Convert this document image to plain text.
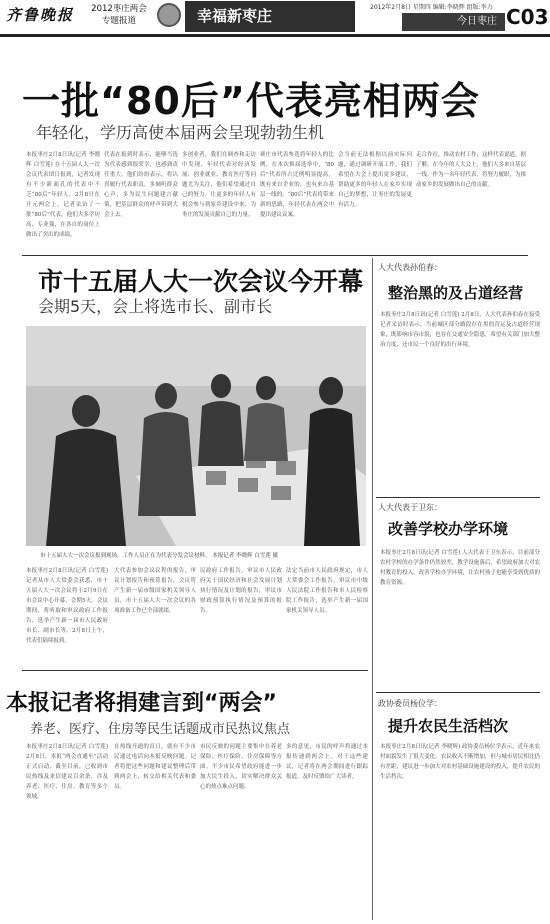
齐鲁晚报	2012枣庄两会
专题报道	幸福新枣庄	2012年2月8日 星期四 编辑:李晓辉 组版:李力
今日枣庄 C03
一批“80后”代表亮相两会
年轻化，学历高使本届两会呈现勃勃生机
本报枣庄2月8日讯(记者 李晓辉 白雪莲) 在十五届人大一次会议代表团日报到，记者发现有不少新面孔的代表中不乏“80后”年轻人。2月8日在开元两会上，记者采访了一批“80后”代表，他们大多学历高、专业强，在各自的岗位上做出了突出的成绩。
代表在报到时表示，能够当选为代表感到很荣幸，也感到责任重大。他们纷纷表示，将认真履行代表职责，多倾听群众心声，多为民生问题建言献策，把基层群众的呼声带到大会上去。
多创业者，我们在调查和走访中发现，年轻代表对经济发展、创业就业、教育医疗等问题尤为关注，他们希望通过自己的努力，让更多的年轻人有机会参与到家乡建设中来，为枣庄的发展贡献自己的力量。
赛庄市代表参选将年轻人的比例，在本次换届选举中，“80后”代表所占比例明显提高，既有来自企业的，也有来自基层一线的。“80后”代表将带来新的思路，年轻代表在两会中提出建议议案。
会当前无法根据以前实际问题，通过调研开展工作，我们希望在大会上提出更多建议，帮助更多的年轻人在家乡实现自己的梦想，让枣庄的发展更有活力。
走合作社，推动农村工作，这样代表说道。据了解，在今年的人大会上，他们大多来自基层一线。作为一名年轻代表，将努力履职，为推动家乡的发展做出自己的贡献。
市十五届人大一次会议今开幕
会期5天，会上将选市长、副市长
市十五届人大一次会议报到现场，工作人员正在为代表分发会议材料。 本报记者 李晓辉 白雪莲 摄
本报枣庄2月8日讯(记者 白雪莲) 记者从市人大常委会获悉，市十五届人大一次会议将于2月9日在市会议中心开幕，会期5天。会议期间，将听取和审议政府工作报告，选举产生新一届市人民政府市长、副市长等。2月8日上午，代表们陆续报到。
大代表参加会议议程的报告，审议计划报告和预算报告，会议将产生新一届市级国家机关领导人员，市十五届人大一次会议的各项准备工作已全部就绪。
民政府工作报告，审议市人民政府关于国民经济和社会发展计划执行情况及计划的报告，审议市财政预算执行情况及预算的报告。
法定当前市人民政府规定，市人大常委会工作报告，审议市中级人民法院工作报告和市人民检察院工作报告，选举产生新一届国家机关领导人员。
本报记者将捐建言到“两会”
养老、医疗、住房等民生话题成市民热议焦点
本报枣庄2月8日讯(记者 白雪莲) 2月8日，本报“两会直通车”活动正式启动，截至目前，已收到市民热线及来信建议百余条，涉及养老、医疗、住房、教育等多个领域。
在热线开通的首日，就有不少市民通过电话向本报反映问题。记者将把这些问题和建议整理后带到两会上，转交给相关代表和委员。
市民反映的问题主要集中在养老保险、医疗保险、住房保障等方面。不少市民希望政府能进一步加大民生投入，切实解决群众关心的热点难点问题。
多的意见，市民的呼声将通过本报传递到两会上。对于这些建议，记者将在两会期间进行跟踪报道，及时反馈给广大读者。
人大代表孙伯春：
整治黑的及占道经营
本报枣庄2月8日讯(记者 白雪莲) 2月8日，人大代表孙伯春在接受记者采访时表示，当前城区部分路段存在黑的营运及占道经营现象，既影响市容市貌，也存在交通安全隐患，希望有关部门加大整治力度，还市民一个良好的出行环境。
人大代表于卫东：
改善学校办学环境
本报枣庄2月8日讯(记者 白雪莲) 人大代表于卫东表示，目前部分农村学校的办学条件仍然较差，教学设施落后，希望政府加大对农村教育的投入，改善学校办学环境，让农村孩子也能享受到优质的教育资源。
政协委员杨位学：
提升农民生活档次
本报枣庄2月8日讯(记者 李晓辉) 政协委员杨位学表示，近年来农村面貌发生了很大变化，农民收入不断增加，但与城市居民相比仍有差距，建议进一步加大对农村基础设施建设的投入，提升农民的生活档次。
